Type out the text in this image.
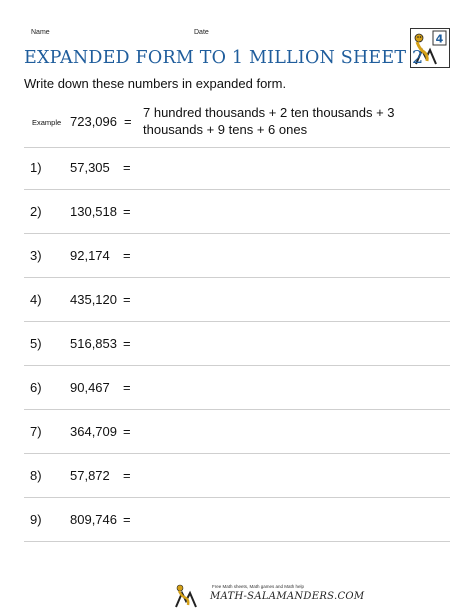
Name	Date	4
EXPANDED FORM TO 1 MILLION SHEET 2
Write down these numbers in expanded form.
Example 723,096 =
7 hundred thousands + 2 ten thousands + 3 thousands + 9 tens + 6 ones
1) 57,305 =
2) 130,518 =
3) 92,174 =
4) 435,120 =
5) 516,853 =
6) 90,467 =
7) 364,709 =
8) 57,872 =
9) 809,746 =
Free Math sheets, Math games and Math help
MATH-SALAMANDERS.COM
